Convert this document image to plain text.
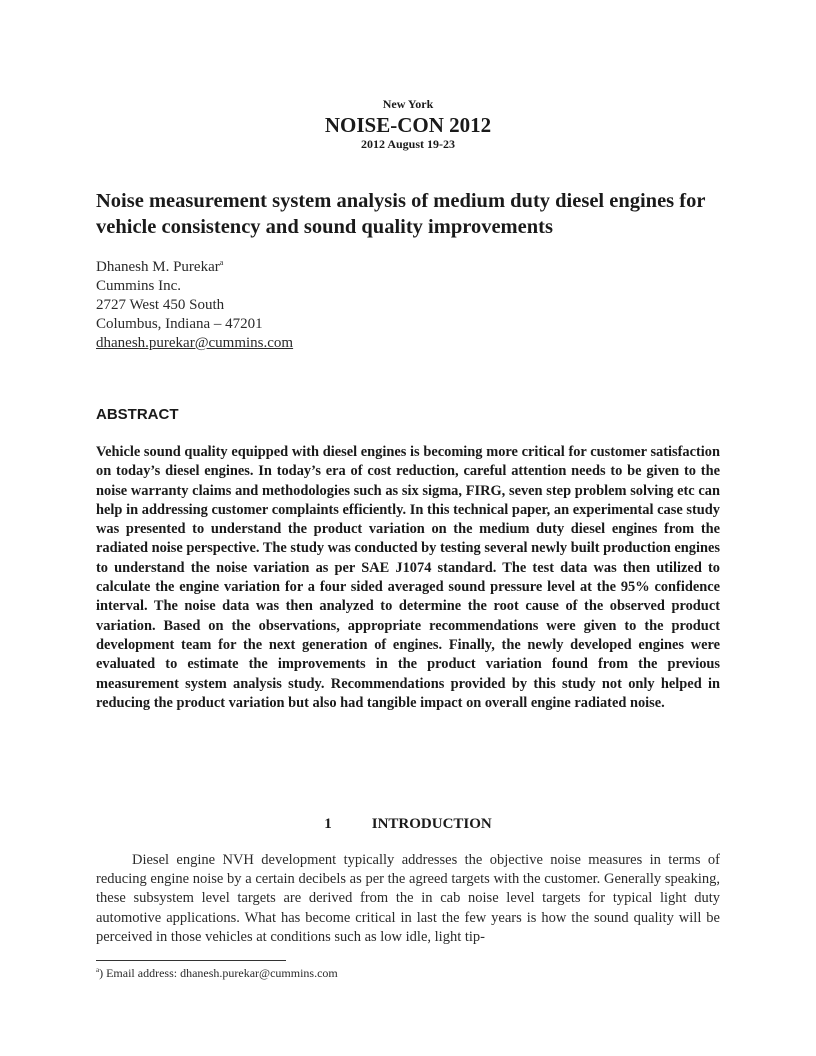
New York
NOISE-CON 2012
2012 August 19-23
Noise measurement system analysis of medium duty diesel engines for vehicle consistency and sound quality improvements
Dhanesh M. Purekar$^a$
Cummins Inc.
2727 West 450 South
Columbus, Indiana – 47201
dhanesh.purekar@cummins.com
ABSTRACT
Vehicle sound quality equipped with diesel engines is becoming more critical for customer satisfaction on today’s diesel engines. In today’s era of cost reduction, careful attention needs to be given to the noise warranty claims and methodologies such as six sigma, FIRG, seven step problem solving etc can help in addressing customer complaints efficiently. In this technical paper, an experimental case study was presented to understand the product variation on the medium duty diesel engines from the radiated noise perspective. The study was conducted by testing several newly built production engines to understand the noise variation as per SAE J1074 standard. The test data was then utilized to calculate the engine variation for a four sided averaged sound pressure level at the 95% confidence interval. The noise data was then analyzed to determine the root cause of the observed product variation. Based on the observations, appropriate recommendations were given to the product development team for the next generation of engines. Finally, the newly developed engines were evaluated to estimate the improvements in the product variation found from the previous measurement system analysis study. Recommendations provided by this study not only helped in reducing the product variation but also had tangible impact on overall engine radiated noise.
1	INTRODUCTION
Diesel engine NVH development typically addresses the objective noise measures in terms of reducing engine noise by a certain decibels as per the agreed targets with the customer. Generally speaking, these subsystem level targets are derived from the in cab noise level targets for typical light duty automotive applications. What has become critical in last the few years is how the sound quality will be perceived in those vehicles at conditions such as low idle, light tip-
$^a$) Email address: dhanesh.purekar@cummins.com
